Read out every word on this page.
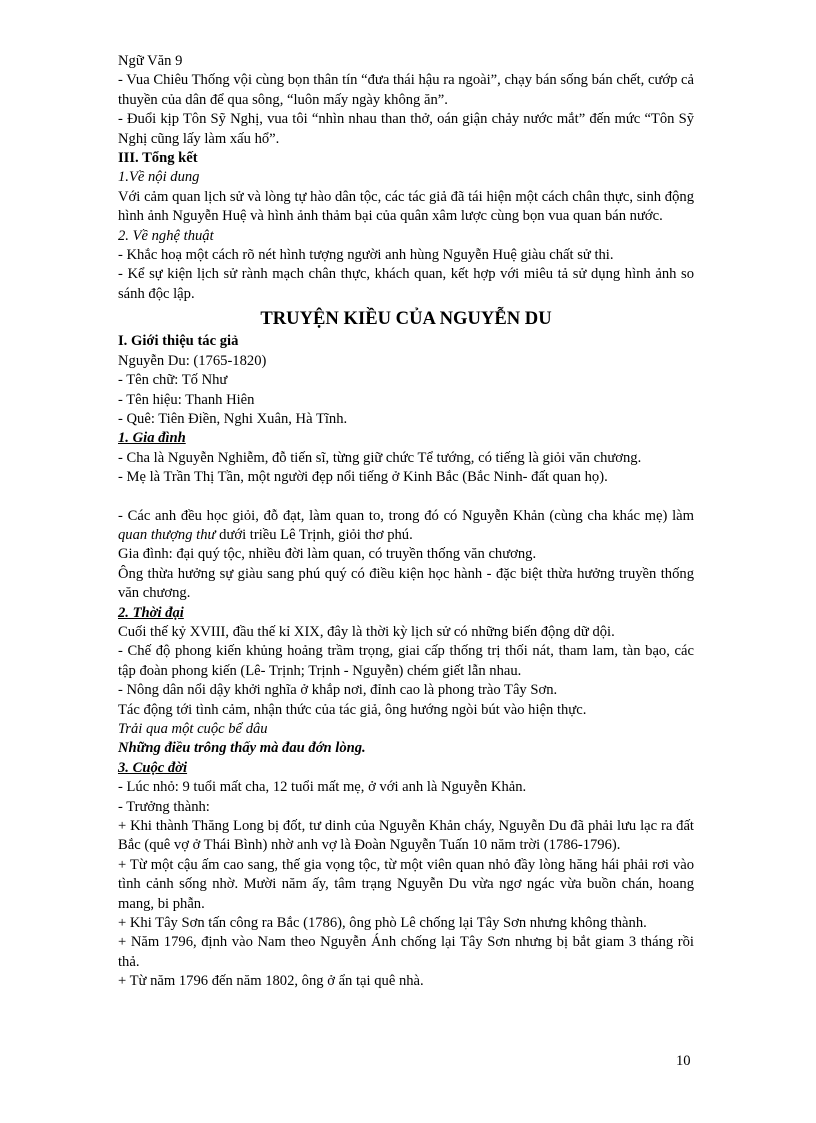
Ngữ Văn 9

- Vua Chiêu Thống vội cùng bọn thân tín “đưa thái hậu ra ngoài”, chạy bán sống bán chết, cướp cả thuyền của dân để qua sông, “luôn mấy ngày không ăn”.

- Đuổi kịp Tôn Sỹ Nghị, vua tôi “nhìn nhau than thở, oán giận chảy nước mắt” đến mức “Tôn Sỹ Nghị cũng lấy làm xấu hổ”.

III. Tổng kết

1.Về nội dung

Với cảm quan lịch sử và lòng tự hào dân tộc, các tác giả đã tái hiện một cách chân thực, sinh động hình ảnh Nguyễn Huệ và hình ảnh thảm bại của quân xâm lược cùng bọn vua quan bán nước.

2. Về nghệ thuật

- Khắc hoạ một cách rõ nét hình tượng người anh hùng Nguyễn Huệ giàu chất sử thi.

- Kể sự kiện lịch sử rành mạch chân thực, khách quan, kết hợp với miêu tả sử dụng hình ảnh so sánh độc lập.

TRUYỆN KIỀU CỦA NGUYỄN DU

I. Giới thiệu tác giả

Nguyễn Du: (1765-1820)

- Tên chữ: Tố Như

- Tên hiệu: Thanh Hiên

- Quê: Tiên Điền, Nghi Xuân, Hà Tĩnh.

1. Gia đình

- Cha là Nguyễn Nghiễm, đỗ tiến sĩ, từng giữ chức Tể tướng, có tiếng là giỏi văn chương.

- Mẹ là Trần Thị Tần, một người đẹp nổi tiếng ở Kinh Bắc (Bắc Ninh- đất quan họ).

- Các anh đều học giỏi, đỗ đạt, làm quan to, trong đó có Nguyễn Khản (cùng cha khác mẹ) làm quan thượng thư dưới triều Lê Trịnh, giỏi thơ phú.

Gia đình: đại quý tộc, nhiều đời làm quan, có truyền thống văn chương.

Ông thừa hưởng sự giàu sang phú quý có điều kiện học hành - đặc biệt thừa hưởng truyền thống văn chương.

2. Thời đại

Cuối thế kỷ XVIII, đầu thế kỉ XIX, đây là thời kỳ lịch sử có những biến động dữ dội.

- Chế độ phong kiến khủng hoảng trầm trọng, giai cấp thống trị thối nát, tham lam, tàn bạo, các tập đoàn phong kiến (Lê- Trịnh; Trịnh - Nguyễn) chém giết lẫn nhau.

- Nông dân nổi dậy khởi nghĩa ở khắp nơi, đỉnh cao là phong trào Tây Sơn.

Tác động tới tình cảm, nhận thức của tác giả, ông hướng ngòi bút vào hiện thực.

Trải qua một cuộc bể dâu

Những điều trông thấy mà đau đớn lòng.

3. Cuộc đời

- Lúc nhỏ: 9 tuổi mất cha, 12 tuổi mất mẹ, ở với anh là Nguyễn Khản.

- Trưởng thành:

+ Khi thành Thăng Long bị đốt, tư dinh của Nguyễn Khản cháy, Nguyễn Du đã phải lưu lạc ra đất Bắc (quê vợ ở Thái Bình) nhờ anh vợ là Đoàn Nguyễn Tuấn 10 năm trời (1786-1796).

+ Từ một cậu ấm cao sang, thế gia vọng tộc, từ một viên quan nhỏ đầy lòng hăng hái phải rơi vào tình cảnh sống nhờ. Mười năm ấy, tâm trạng Nguyễn Du vừa ngơ ngác vừa buồn chán, hoang mang, bi phẫn.

+ Khi Tây Sơn tấn công ra Bắc (1786), ông phò Lê chống lại Tây Sơn nhưng không thành.

+ Năm 1796, định vào Nam theo Nguyễn Ánh chống lại Tây Sơn nhưng bị bắt giam 3 tháng rồi thả.

+ Từ năm 1796 đến năm 1802, ông ở ẩn tại quê nhà.

10
